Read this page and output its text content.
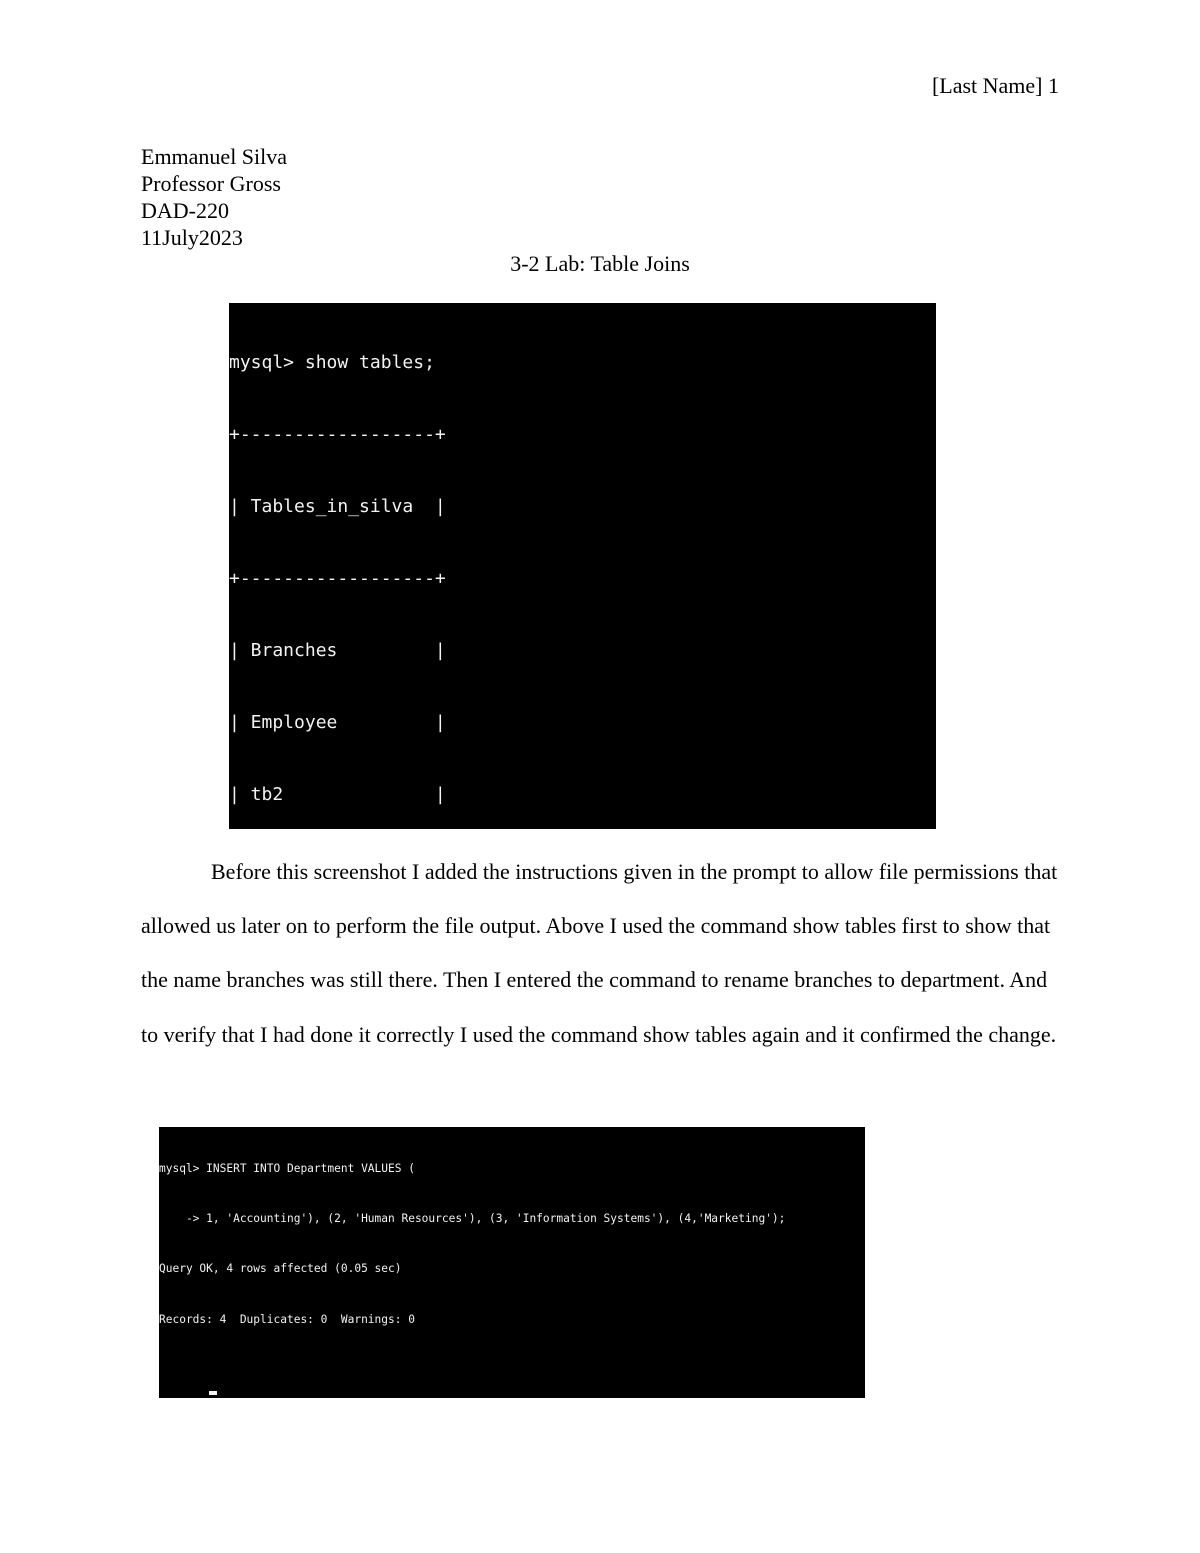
[Last Name] 1
Emmanuel Silva
Professor Gross
DAD-220
11July2023
3-2 Lab: Table Joins

mysql> show tables;

+------------------+

| Tables_in_silva  |

+------------------+

| Branches         |

| Employee         |

| tb2              |

Before this screenshot I added the instructions given in the prompt to allow file permissions that allowed us later on to perform the file output. Above I used the command show tables first to show that the name branches was still there. Then I entered the command to rename branches to department. And to verify that I had done it correctly I used the command show tables again and it confirmed the change.

mysql> INSERT INTO Department VALUES (

-> 1, 'Accounting'), (2, 'Human Resources'), (3, 'Information Systems'), (4,'Marketing');

Query OK, 4 rows affected (0.05 sec)

Records: 4  Duplicates: 0  Warnings: 0
